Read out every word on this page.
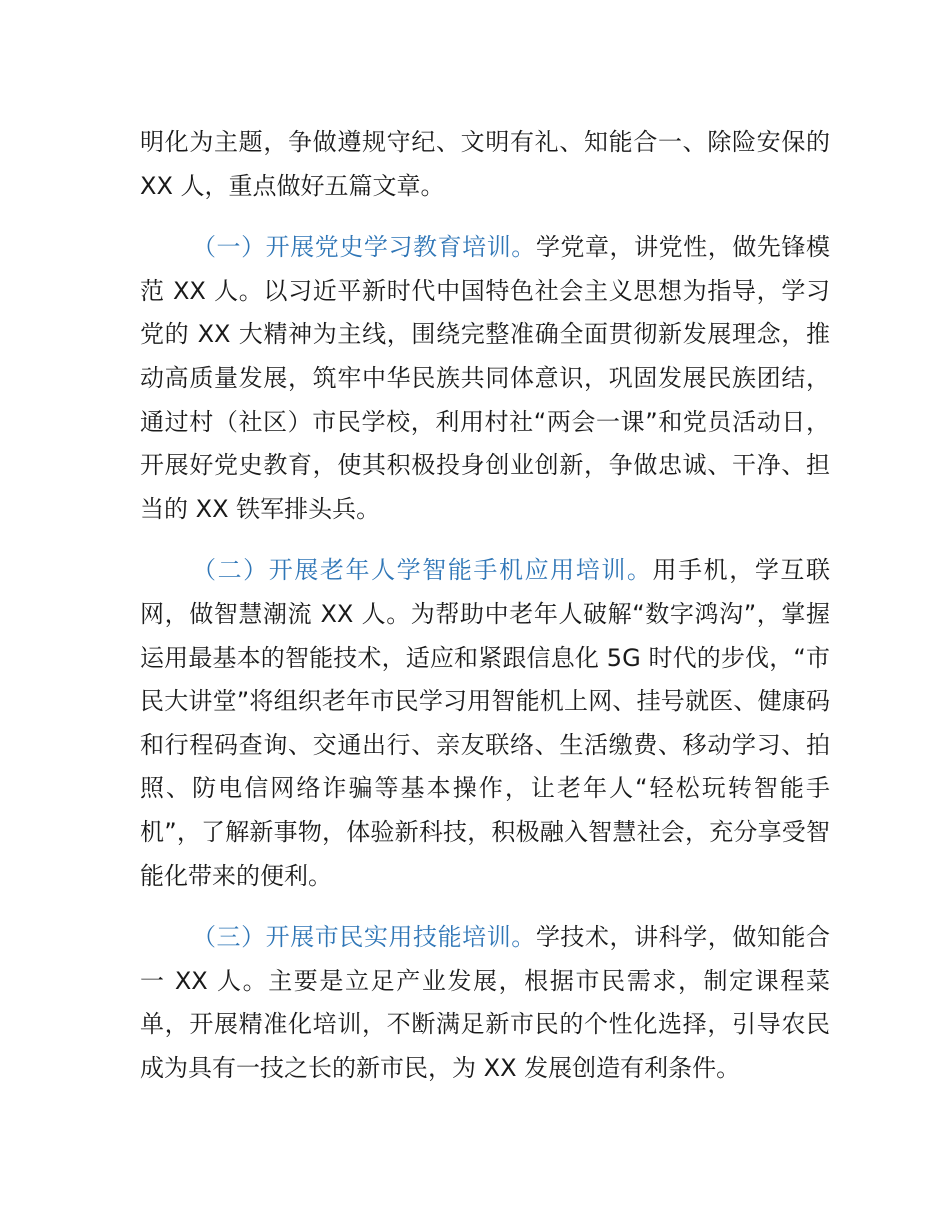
明化为主题，争做遵规守纪、文明有礼、知能合一、除险安保的 XX 人，重点做好五篇文章。

（一）开展党史学习教育培训。学党章，讲党性，做先锋模范 XX 人。以习近平新时代中国特色社会主义思想为指导，学习党的 XX 大精神为主线，围绕完整准确全面贯彻新发展理念，推动高质量发展，筑牢中华民族共同体意识，巩固发展民族团结，通过村（社区）市民学校，利用村社“两会一课”和党员活动日，开展好党史教育，使其积极投身创业创新，争做忠诚、干净、担当的 XX 铁军排头兵。

（二）开展老年人学智能手机应用培训。用手机，学互联网，做智慧潮流 XX 人。为帮助中老年人破解“数字鸿沟”，掌握运用最基本的智能技术，适应和紧跟信息化 5G 时代的步伐，“市民大讲堂”将组织老年市民学习用智能机上网、挂号就医、健康码和行程码查询、交通出行、亲友联络、生活缴费、移动学习、拍照、防电信网络诈骗等基本操作，让老年人“轻松玩转智能手机”，了解新事物，体验新科技，积极融入智慧社会，充分享受智能化带来的便利。

（三）开展市民实用技能培训。学技术，讲科学，做知能合一 XX 人。主要是立足产业发展，根据市民需求，制定课程菜单，开展精准化培训，不断满足新市民的个性化选择，引导农民成为具有一技之长的新市民，为 XX 发展创造有利条件。
